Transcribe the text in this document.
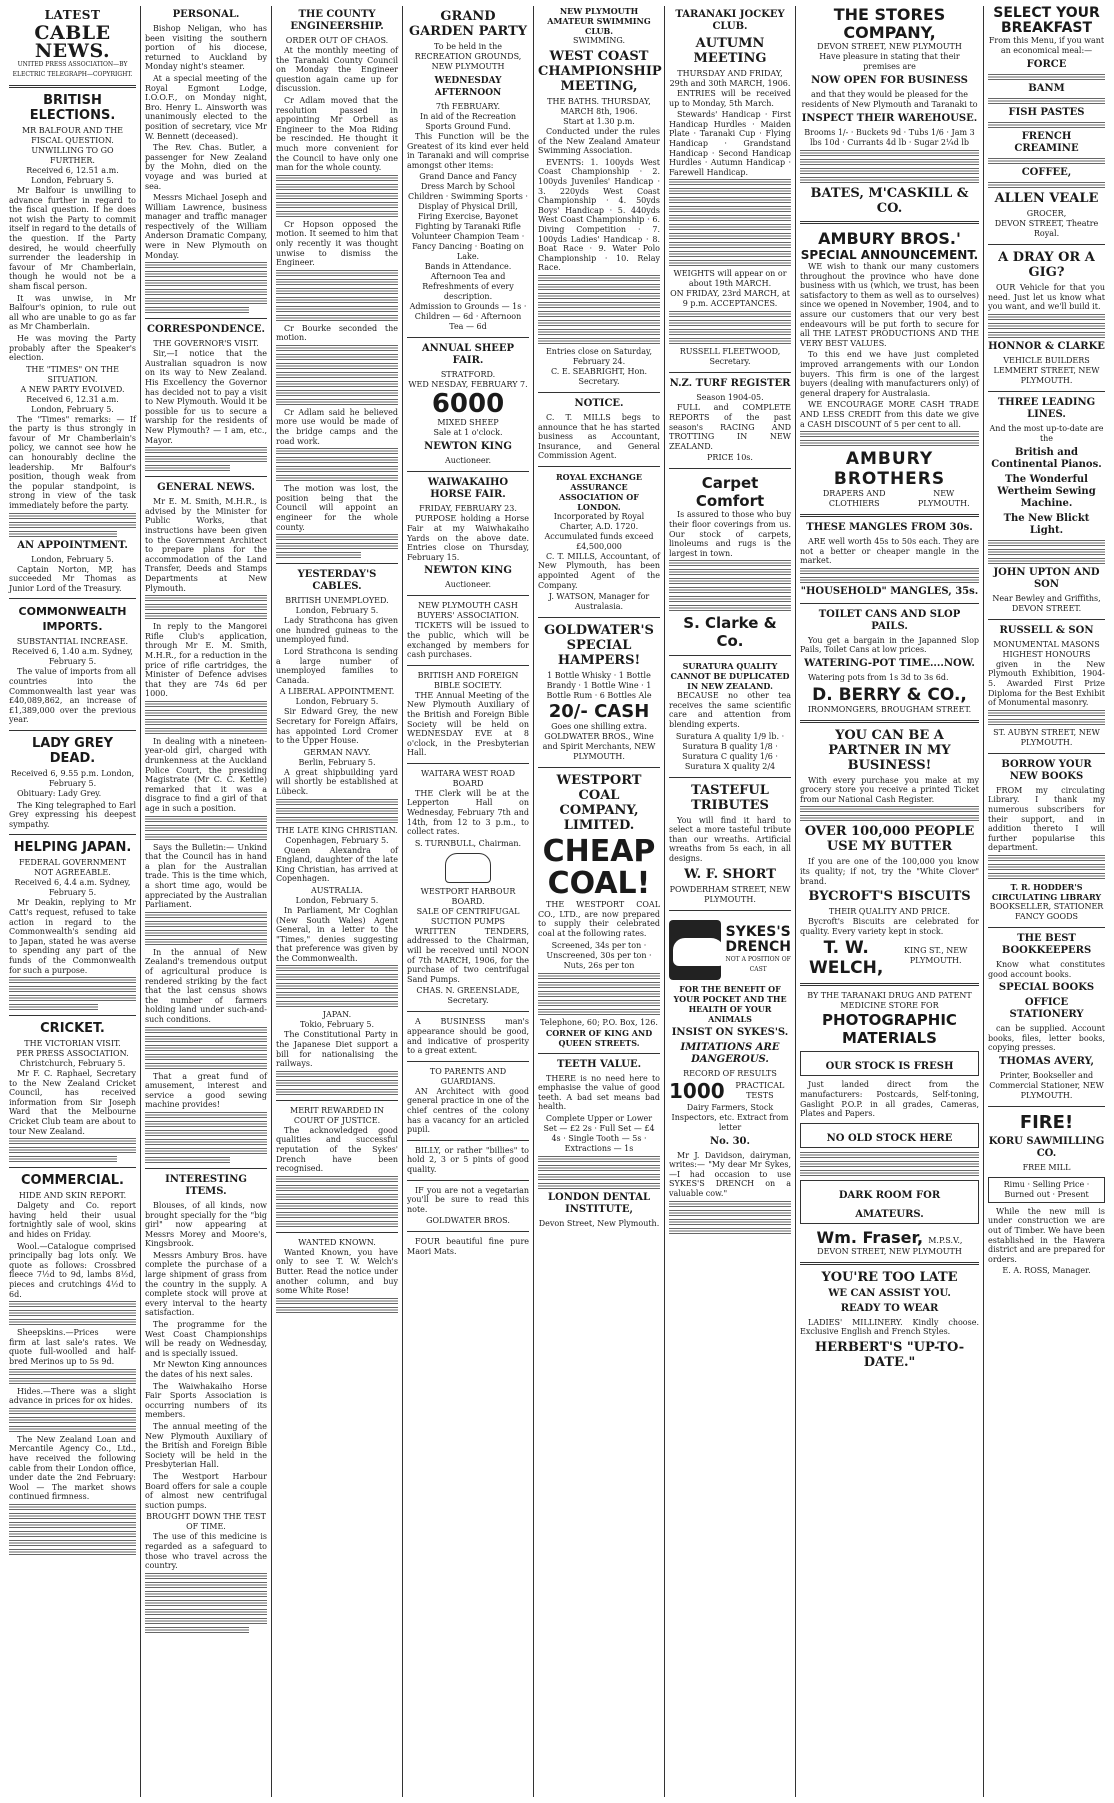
LATEST
CABLE NEWS.
UNITED PRESS ASSOCIATION—BY ELECTRIC TELEGRAPH—COPYRIGHT.
BRITISH ELECTIONS.
MR BALFOUR AND THE FISCAL QUESTION.
UNWILLING TO GO FURTHER.
Received 6, 12.51 a.m. London, February 5.

Mr Balfour is unwilling to advance further in regard to the fiscal question. If he does not wish the Party to commit itself in regard to the details of the question. If the Party desired, he would cheerfully surrender the leadership in favour of Mr Chamberlain, though he would not be a sham fiscal person.

It was unwise, in Mr Balfour's opinion, to rule out all who are unable to go as far as Mr Chamberlain.

He was moving the Party probably after the Speaker's election.

THE "TIMES" ON THE SITUATION.
A NEW PARTY EVOLVED.
Received 6, 12.31 a.m. London, February 5.

The "Times" remarks: — If the party is thus strongly in favour of Mr Chamberlain's policy, we cannot see how he can honourably decline the leadership. Mr Balfour's position, though weak from the popular standpoint, is strong in view of the task immediately before the party.

AN APPOINTMENT.
London, February 5.

Captain Norton, MP, has succeeded Mr Thomas as Junior Lord of the Treasury.

COMMONWEALTH IMPORTS.
SUBSTANTIAL INCREASE.
Received 6, 1.40 a.m. Sydney, February 5.

The value of imports from all countries into the Commonwealth last year was £40,089,862, an increase of £1,389,000 over the previous year.

LADY GREY DEAD.
Received 6, 9.55 p.m. London, February 5.

Obituary: Lady Grey.

The King telegraphed to Earl Grey expressing his deepest sympathy.

HELPING JAPAN.
FEDERAL GOVERNMENT NOT AGREEABLE.
Received 6, 4.4 a.m. Sydney, February 5.

Mr Deakin, replying to Mr Catt's request, refused to take action in regard to the Commonwealth's sending aid to Japan, stated he was averse to spending any part of the funds of the Commonwealth for such a purpose.

CRICKET.
THE VICTORIAN VISIT.
PER PRESS ASSOCIATION. Christchurch, February 5.

Mr F. C. Raphael, Secretary to the New Zealand Cricket Council, has received information from Sir Joseph Ward that the Melbourne Cricket Club team are about to tour New Zealand.

COMMERCIAL.
HIDE AND SKIN REPORT.

Dalgety and Co. report having held their usual fortnightly sale of wool, skins and hides on Friday.

Wool.—Catalogue comprised principally bag lots only. We quote as follows: Crossbred fleece 7½d to 9d, lambs 8½d, pieces and crutchings 4½d to 6d.

Sheepskins.—Prices were firm at last sale's rates. We quote full-woolled and half-bred Merinos up to 5s 9d.

Hides.—There was a slight advance in prices for ox hides.

The New Zealand Loan and Mercantile Agency Co., Ltd., have received the following cable from their London office, under date the 2nd February: Wool — The market shows continued firmness.

PERSONAL.

Bishop Neligan, who has been visiting the southern portion of his diocese, returned to Auckland by Monday night's steamer.

At a special meeting of the Royal Egmont Lodge, I.O.O.F., on Monday night, Bro. Henry L. Ainsworth was unanimously elected to the position of secretary, vice Mr W. Bennett (deceased).

The Rev. Chas. Butler, a passenger for New Zealand by the Mohn, died on the voyage and was buried at sea.

Messrs Michael Joseph and William Lawrence, business manager and traffic manager respectively of the William Anderson Dramatic Company, were in New Plymouth on Monday.

CORRESPONDENCE.
THE GOVERNOR'S VISIT.

Sir,—I notice that the Australian squadron is now on its way to New Zealand. His Excellency the Governor has decided not to pay a visit to New Plymouth. Would it be possible for us to secure a warship for the residents of New Plymouth? — I am, etc., Mayor.

GENERAL NEWS.

Mr E. M. Smith, M.H.R., is advised by the Minister for Public Works, that instructions have been given to the Government Architect to prepare plans for the accommodation of the Land Transfer, Deeds and Stamps Departments at New Plymouth.

In reply to the Mangorei Rifle Club's application, through Mr E. M. Smith, M.H.R., for a reduction in the price of rifle cartridges, the Minister of Defence advises that they are 74s 6d per 1000.

In dealing with a nineteen-year-old girl, charged with drunkenness at the Auckland Police Court, the presiding Magistrate (Mr C. C. Kettle) remarked that it was a disgrace to find a girl of that age in such a position.

Says the Bulletin:— Unkind that the Council has in hand a plan for the Australian trade. This is the time which, a short time ago, would be appreciated by the Australian Parliament.

In the annual of New Zealand's tremendous output of agricultural produce is rendered striking by the fact that the last census shows the number of farmers holding land under such-and-such conditions.

That a great fund of amusement, interest and service a good sewing machine provides!

INTERESTING ITEMS.

Blouses, of all kinds, now brought specially for the "big girl" now appearing at Messrs Morey and Moore's, Kingsbrook.

Messrs Ambury Bros. have complete the purchase of a large shipment of grass from the country in the supply. A complete stock will prove at every interval to the hearty satisfaction.

The programme for the West Coast Championships will be ready on Wednesday, and is specially issued.

Mr Newton King announces the dates of his next sales.

The Waiwhakaiho Horse Fair Sports Association is occurring numbers of its members.

The annual meeting of the New Plymouth Auxiliary of the British and Foreign Bible Society will be held in the Presbyterian Hall.

The Westport Harbour Board offers for sale a couple of almost new centrifugal suction pumps.

BROUGHT DOWN THE TEST OF TIME.

The use of this medicine is regarded as a safeguard to those who travel across the country.

THE COUNTY ENGINEERSHIP.
ORDER OUT OF CHAOS.

At the monthly meeting of the Taranaki County Council on Monday the Engineer question again came up for discussion.

Cr Adlam moved that the resolution passed in appointing Mr Orbell as Engineer to the Moa Riding be rescinded. He thought it much more convenient for the Council to have only one man for the whole county.

Cr Hopson opposed the motion. It seemed to him that only recently it was thought unwise to dismiss the Engineer.

Cr Bourke seconded the motion.

Cr Adlam said he believed more use would be made of the bridge camps and the road work.

The motion was lost, the position being that the Council will appoint an engineer for the whole county.

YESTERDAY'S CABLES.
BRITISH UNEMPLOYED.
London, February 5.

Lady Strathcona has given one hundred guineas to the unemployed fund.

Lord Strathcona is sending a large number of unemployed families to Canada.

A LIBERAL APPOINTMENT.
London, February 5.

Sir Edward Grey, the new Secretary for Foreign Affairs, has appointed Lord Cromer to the Upper House.

GERMAN NAVY.
Berlin, February 5.

A great shipbuilding yard will shortly be established at Lübeck.

THE LATE KING CHRISTIAN.
Copenhagen, February 5.

Queen Alexandra of England, daughter of the late King Christian, has arrived at Copenhagen.

AUSTRALIA.
London, February 5.

In Parliament, Mr Coghlan (New South Wales) Agent General, in a letter to the "Times," denies suggesting that preference was given by the Commonwealth.

JAPAN.
Tokio, February 5.

The Constitutional Party in the Japanese Diet support a bill for nationalising the railways.

MERIT REWARDED IN COURT OF JUSTICE.

The acknowledged good qualities and successful reputation of the Sykes' Drench have been recognised.

WANTED KNOWN.

Wanted Known, you have only to see T. W. Welch's Butter. Read the notice under another column, and buy some White Rose!

GRAND GARDEN PARTY
To be held in the RECREATION GROUNDS, NEW PLYMOUTH
WEDNESDAY AFTERNOON
7th FEBRUARY.
In aid of the Recreation Sports Ground Fund.

This Function will be the Greatest of its kind ever held in Taranaki and will comprise amongst other items:

Grand Dance and Fancy Dress March by School Children · Swimming Sports · Display of Physical Drill, Firing Exercise, Bayonet Fighting by Taranaki Rifle Volunteer Champion Team · Fancy Dancing · Boating on Lake.
Bands in Attendance.
Afternoon Tea and Refreshments of every description.
Admission to Grounds — 1s · Children — 6d · Afternoon Tea — 6d
ANNUAL SHEEP FAIR.
STRATFORD.
WED NESDAY, FEBRUARY 7.
6000
MIXED SHEEP
Sale at 1 o'clock.
NEWTON KING
Auctioneer.
WAIWAKAIHO HORSE FAIR.
FRIDAY, FEBRUARY 23.

PURPOSE holding a Horse Fair at my Waiwhakaiho Yards on the above date. Entries close on Thursday, February 15.

NEWTON KING
Auctioneer.
NEW PLYMOUTH CASH BUYERS' ASSOCIATION.

TICKETS will be issued to the public, which will be exchanged by members for cash purchases.

BRITISH AND FOREIGN BIBLE SOCIETY.

THE Annual Meeting of the New Plymouth Auxiliary of the British and Foreign Bible Society will be held on WEDNESDAY EVE at 8 o'clock, in the Presbyterian Hall.

WAITARA WEST ROAD BOARD

THE Clerk will be at the Lepperton Hall on Wednesday, February 7th and 14th, from 12 to 3 p.m., to collect rates.

S. TURNBULL, Chairman.
WESTPORT HARBOUR BOARD.
SALE OF CENTRIFUGAL SUCTION PUMPS

WRITTEN TENDERS, addressed to the Chairman, will be received until NOON of 7th MARCH, 1906, for the purchase of two centrifugal Sand Pumps.

CHAS. N. GREENSLADE, Secretary.

A BUSINESS man's appearance should be good, and indicative of prosperity to a great extent.

TO PARENTS AND GUARDIANS.

AN Architect with good general practice in one of the chief centres of the colony has a vacancy for an articled pupil.

BILLY, or rather "billies" to hold 2, 3 or 5 pints of good quality.

IF you are not a vegetarian you'll be sure to read this note.

GOLDWATER BROS.

FOUR beautiful fine pure Maori Mats.

NEW PLYMOUTH AMATEUR SWIMMING CLUB.
SWIMMING.
WEST COAST CHAMPIONSHIP MEETING,
THE BATHS. THURSDAY, MARCH 8th, 1906.
Start at 1.30 p.m.

Conducted under the rules of the New Zealand Amateur Swimming Association.

EVENTS: 1. 100yds West Coast Championship · 2. 100yds Juveniles' Handicap · 3. 220yds West Coast Championship · 4. 50yds Boys' Handicap · 5. 440yds West Coast Championship · 6. Diving Competition · 7. 100yds Ladies' Handicap · 8. Boat Race · 9. Water Polo Championship · 10. Relay Race.

Entries close on Saturday, February 24.
C. E. SEABRIGHT, Hon. Secretary.
NOTICE.

C. T. MILLS begs to announce that he has started business as Accountant, Insurance, and General Commission Agent.

ROYAL EXCHANGE ASSURANCE ASSOCIATION OF LONDON.
Incorporated by Royal Charter, A.D. 1720.
Accumulated funds exceed £4,500,000

C. T. MILLS, Accountant, of New Plymouth, has been appointed Agent of the Company.

J. WATSON, Manager for Australasia.
GOLDWATER'S SPECIAL HAMPERS!
1 Bottle Whisky · 1 Bottle Brandy · 1 Bottle Wine · 1 Bottle Rum · 6 Bottles Ale
20/- CASH
Goes one shilling extra.
GOLDWATER BROS., Wine and Spirit Merchants, NEW PLYMOUTH.
WESTPORT COAL COMPANY, LIMITED.
CHEAP COAL!

THE WESTPORT COAL CO., LTD., are now prepared to supply their celebrated coal at the following rates.

Screened, 34s per ton · Unscreened, 30s per ton · Nuts, 26s per ton
Telephone, 60; P.O. Box, 126.
CORNER OF KING AND QUEEN STREETS.
TEETH VALUE.

THERE is no need here to emphasise the value of good teeth. A bad set means bad health.

Complete Upper or Lower Set — £2 2s · Full Set — £4 4s · Single Tooth — 5s · Extractions — 1s
LONDON DENTAL INSTITUTE,
Devon Street, New Plymouth.
TARANAKI JOCKEY CLUB.
AUTUMN MEETING
THURSDAY AND FRIDAY, 29th and 30th MARCH, 1906.

ENTRIES will be received up to Monday, 5th March.

Stewards' Handicap · First Handicap Hurdles · Maiden Plate · Taranaki Cup · Flying Handicap · Grandstand Handicap · Second Handicap Hurdles · Autumn Handicap · Farewell Handicap.

WEIGHTS will appear on or about 19th MARCH.
ON FRIDAY, 23rd MARCH, at 9 p.m. ACCEPTANCES.
RUSSELL FLEETWOOD, Secretary.
N.Z. TURF REGISTER
Season 1904-05.

FULL and COMPLETE REPORTS of the past season's RACING AND TROTTING IN NEW ZEALAND.

PRICE 10s.
Carpet Comfort

Is assured to those who buy their floor coverings from us. Our stock of carpets, linoleums and rugs is the largest in town.

S. Clarke & Co.
SURATURA QUALITY CANNOT BE DUPLICATED IN NEW ZEALAND.

BECAUSE no other tea receives the same scientific care and attention from blending experts.

Suratura A quality 1/9 lb. · Suratura B quality 1/8 · Suratura C quality 1/6 · Suratura X quality 2/4
TASTEFUL TRIBUTES

You will find it hard to select a more tasteful tribute than our wreaths. Artificial wreaths from 5s each, in all designs.

W. F. SHORT
POWDERHAM STREET, NEW PLYMOUTH.
SYKES'S DRENCH
NOT A POSITION OF CAST
FOR THE BENEFIT OF YOUR POCKET AND THE HEALTH OF YOUR ANIMALS
INSIST ON SYKES'S.
IMITATIONS ARE DANGEROUS.
RECORD OF RESULTS
1000	PRACTICAL TESTS
Dairy Farmers, Stock Inspectors, etc. Extract from letter
No. 30.

Mr J. Davidson, dairyman, writes:— "My dear Mr Sykes,—I had occasion to use SYKES'S DRENCH on a valuable cow."

THE STORES COMPANY,
DEVON STREET, NEW PLYMOUTH
Have pleasure in stating that their premises are
NOW OPEN FOR BUSINESS
and that they would be pleased for the residents of New Plymouth and Taranaki to
INSPECT THEIR WAREHOUSE.
Brooms 1/- · Buckets 9d · Tubs 1/6 · Jam 3 lbs 10d · Currants 4d lb · Sugar 2¼d lb
BATES, M'CASKILL & CO.
AMBURY BROS.'
SPECIAL ANNOUNCEMENT.

WE wish to thank our many customers throughout the province who have done business with us (which, we trust, has been satisfactory to them as well as to ourselves) since we opened in November, 1904, and to assure our customers that our very best endeavours will be put forth to secure for all THE LATEST PRODUCTIONS AND THE VERY BEST VALUES.

To this end we have just completed improved arrangements with our London buyers. This firm is one of the largest buyers (dealing with manufacturers only) of general drapery for Australasia.

WE ENCOURAGE MORE CASH TRADE AND LESS CREDIT from this date we give a CASH DISCOUNT of 5 per cent to all.

AMBURY BROTHERS
DRAPERS AND CLOTHIERS
NEW PLYMOUTH.
THESE MANGLES FROM 30s.

ARE well worth 45s to 50s each. They are not a better or cheaper mangle in the market.

"HOUSEHOLD" MANGLES, 35s.
TOILET CANS AND SLOP PAILS.

You get a bargain in the Japanned Slop Pails, Toilet Cans at low prices.

WATERING-POT TIME....NOW.

Watering pots from 1s 3d to 3s 6d.

D. BERRY & CO.,
IRONMONGERS, BROUGHAM STREET.
YOU CAN BE A PARTNER IN MY BUSINESS!

With every purchase you make at my grocery store you receive a printed Ticket from our National Cash Register.

OVER 100,000 PEOPLE USE MY BUTTER

If you are one of the 100,000 you know its quality; if not, try the "White Clover" brand.

BYCROFT'S BISCUITS
THEIR QUALITY AND PRICE.

Bycroft's Biscuits are celebrated for quality. Every variety kept in stock.

T. W. WELCH,
KING ST., NEW PLYMOUTH.
BY THE TARANAKI DRUG AND PATENT MEDICINE STORE FOR
PHOTOGRAPHIC MATERIALS
OUR STOCK IS FRESH

Just landed direct from the manufacturers: Postcards, Self-toning, Gaslight P.O.P. in all grades, Cameras, Plates and Papers.

NO OLD STOCK HERE
DARK ROOM FOR AMATEURS.
Wm. Fraser, M.P.S.V.,
DEVON STREET, NEW PLYMOUTH
YOU'RE TOO LATE
WE CAN ASSIST YOU.
READY TO WEAR

LADIES' MILLINERY. Kindly choose. Exclusive English and French Styles.

HERBERT'S "UP-TO-DATE."
SELECT YOUR BREAKFAST
From this Menu, if you want an economical meal:—
FORCE
BANM
FISH PASTES
FRENCH CREAMINE
COFFEE,
ALLEN VEALE
GROCER,
DEVON STREET, Theatre Royal.
A DRAY OR A GIG?

OUR Vehicle for that you need. Just let us know what you want, and we'll build it.

HONNOR & CLARKE
VEHICLE BUILDERS
LEMMERT STREET, NEW PLYMOUTH.
THREE LEADING LINES.
And the most up-to-date are the
British and Continental Pianos.
The Wonderful Wertheim Sewing Machine.
The New Blickt Light.
JOHN UPTON AND SON
Near Bewley and Griffiths, DEVON STREET.
RUSSELL & SON
MONUMENTAL MASONS
HIGHEST HONOURS

given in the New Plymouth Exhibition, 1904-5. Awarded First Prize Diploma for the Best Exhibit of Monumental masonry.

ST. AUBYN STREET, NEW PLYMOUTH.
BORROW YOUR NEW BOOKS

FROM my circulating Library. I thank my numerous subscribers for their support, and in addition thereto I will further popularise this department.

T. R. HODDER'S CIRCULATING LIBRARY
BOOKSELLER, STATIONER FANCY GOODS
THE BEST BOOKKEEPERS

Know what constitutes good account books.

SPECIAL BOOKS
OFFICE STATIONERY

can be supplied. Account books, files, letter books, copying presses.

THOMAS AVERY,
Printer, Bookseller and Commercial Stationer, NEW PLYMOUTH.
FIRE!
KORU SAWMILLING CO.
FREE MILL
Rimu · Selling Price · Burned out · Present

While the new mill is under construction we are out of Timber. We have been established in the Hawera district and are prepared for orders.

E. A. ROSS, Manager.
